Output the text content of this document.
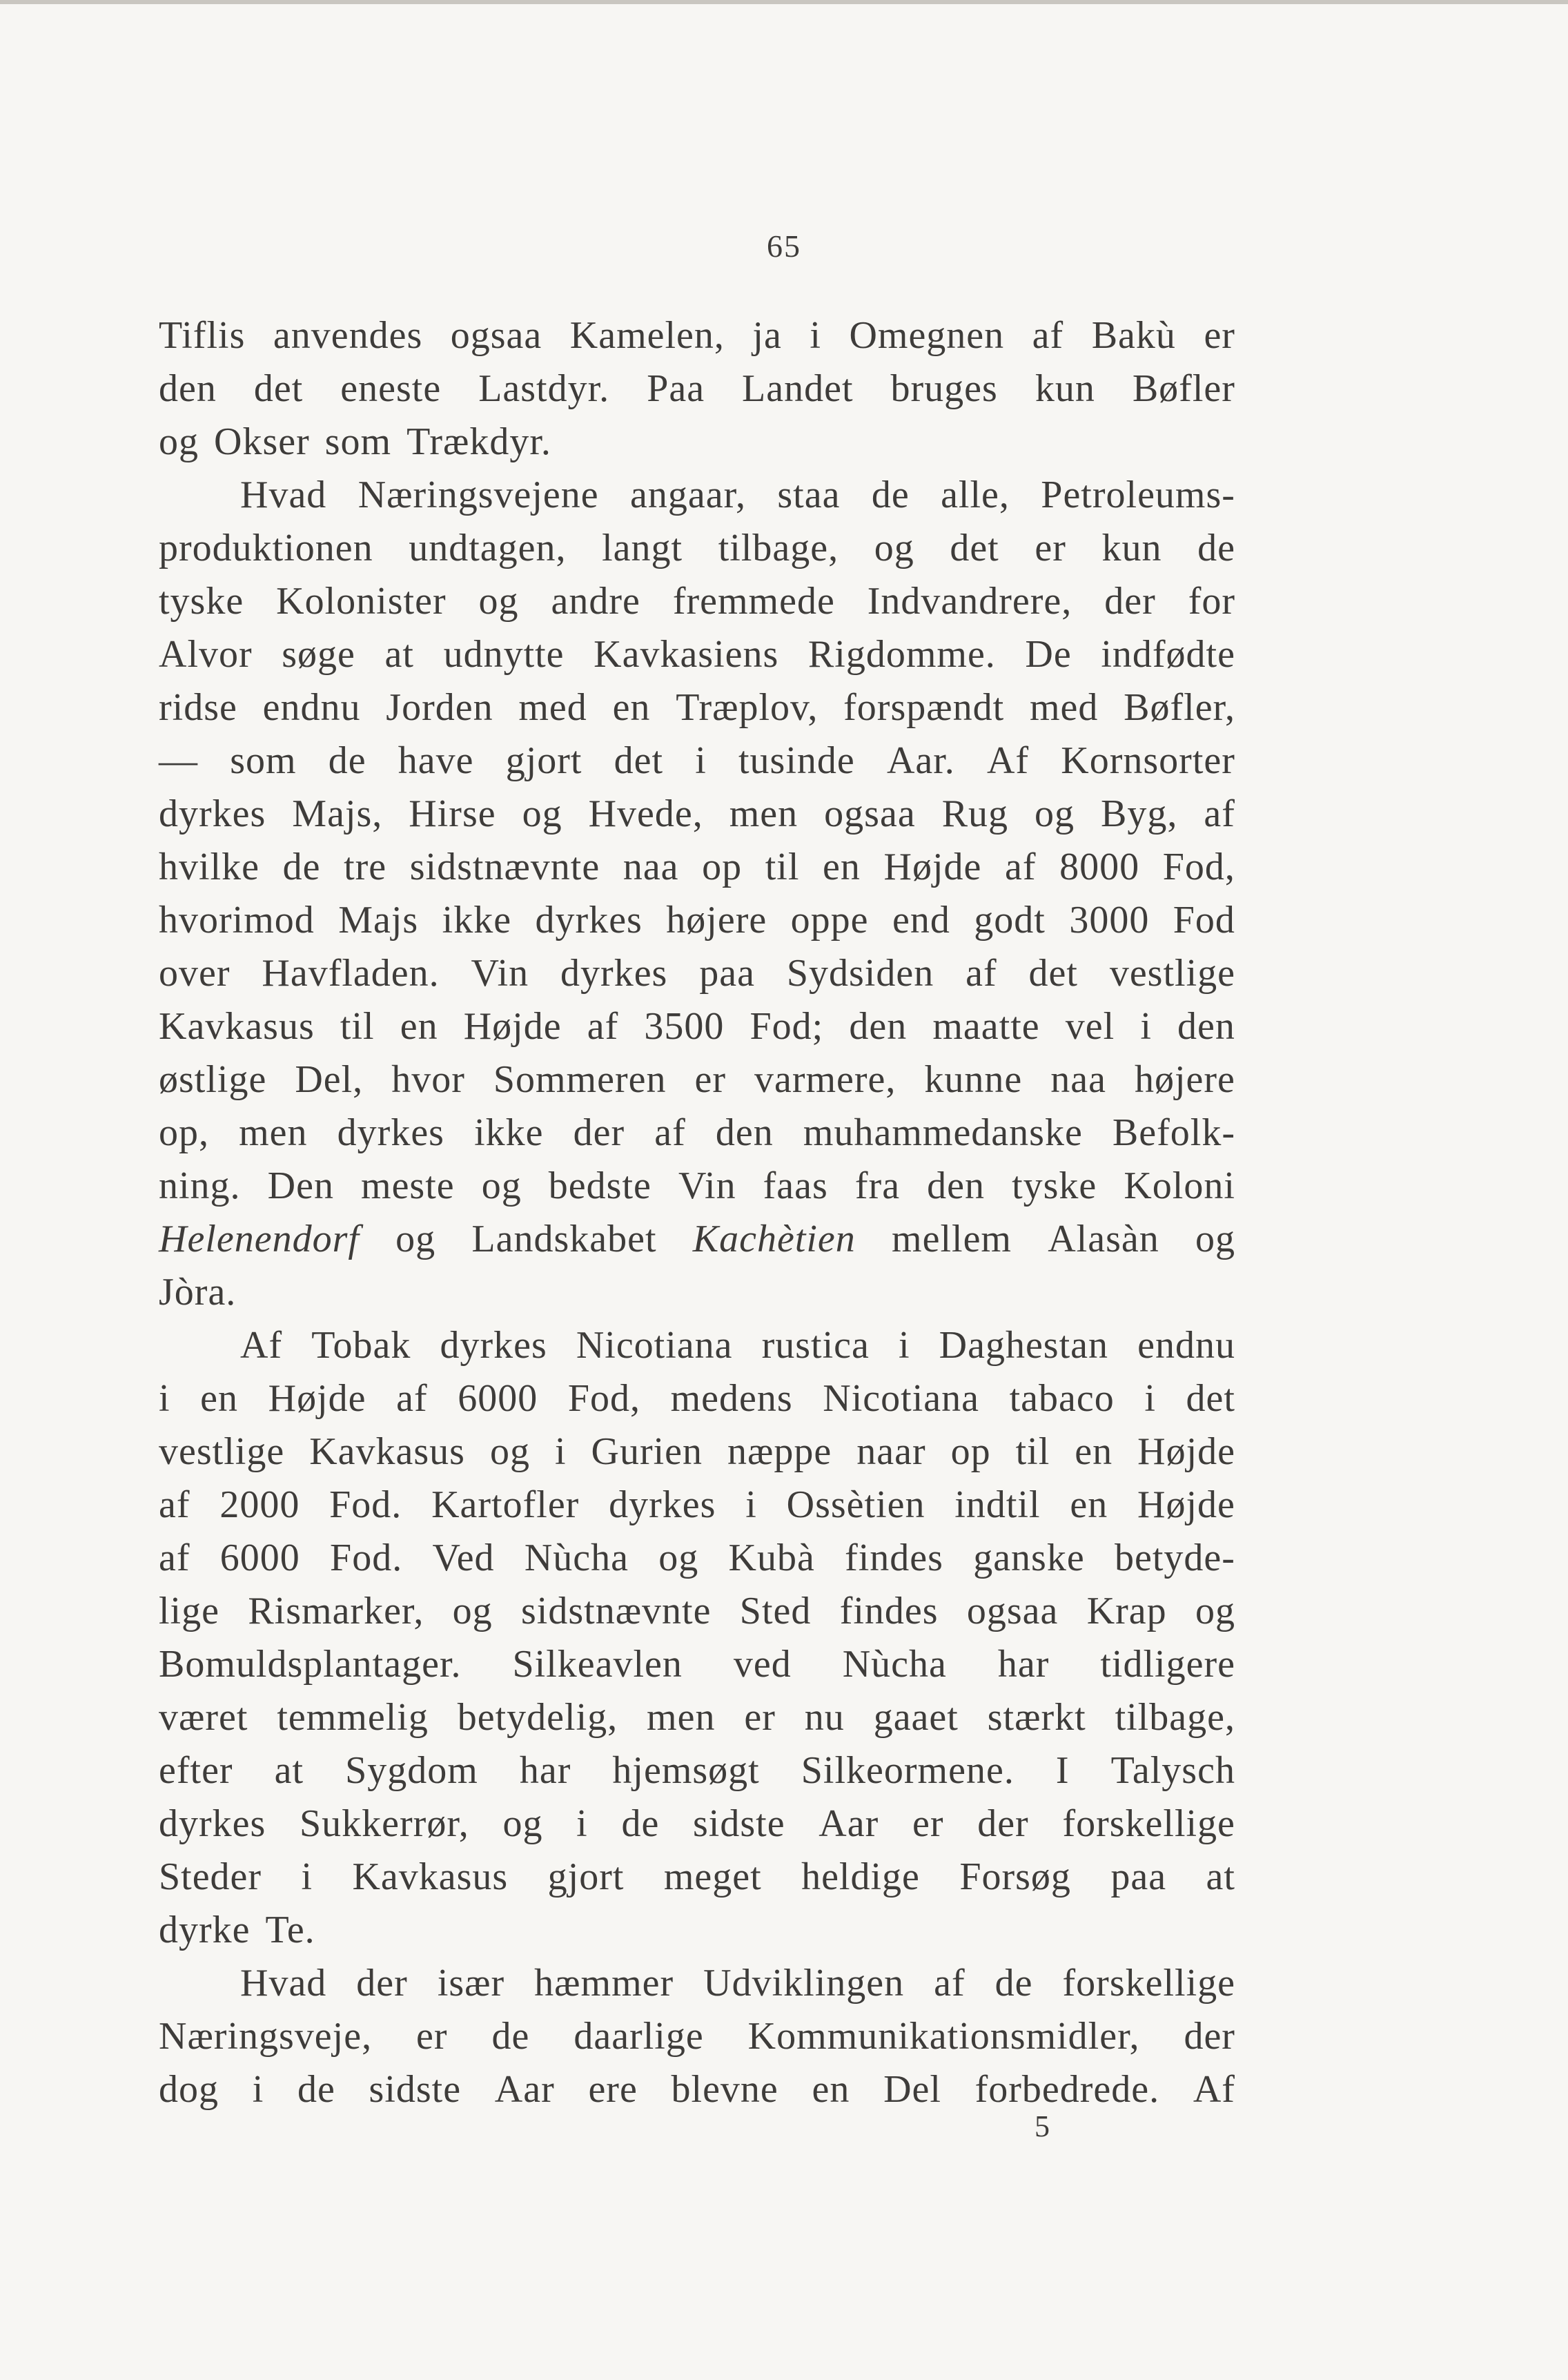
65
Tiflis anvendes ogsaa Kamelen, ja i Omegnen af Bakù er
den det eneste Lastdyr. Paa Landet bruges kun Bøfler
og Okser som Trækdyr.
Hvad Næringsvejene angaar, staa de alle, Petroleums-
produktionen undtagen, langt tilbage, og det er kun de
tyske Kolonister og andre fremmede Indvandrere, der for
Alvor søge at udnytte Kavkasiens Rigdomme. De indfødte
ridse endnu Jorden med en Træplov, forspændt med Bøfler,
— som de have gjort det i tusinde Aar. Af Kornsorter
dyrkes Majs, Hirse og Hvede, men ogsaa Rug og Byg, af
hvilke de tre sidstnævnte naa op til en Højde af 8000 Fod,
hvorimod Majs ikke dyrkes højere oppe end godt 3000 Fod
over Havfladen. Vin dyrkes paa Sydsiden af det vestlige
Kavkasus til en Højde af 3500 Fod; den maatte vel i den
østlige Del, hvor Sommeren er varmere, kunne naa højere
op, men dyrkes ikke der af den muhammedanske Befolk-
ning. Den meste og bedste Vin faas fra den tyske Koloni
Helenendorf og Landskabet Kachètien mellem Alasàn og
Jòra.
Af Tobak dyrkes Nicotiana rustica i Daghestan endnu
i en Højde af 6000 Fod, medens Nicotiana tabaco i det
vestlige Kavkasus og i Gurien næppe naar op til en Højde
af 2000 Fod. Kartofler dyrkes i Ossètien indtil en Højde
af 6000 Fod. Ved Nùcha og Kubà findes ganske betyde-
lige Rismarker, og sidstnævnte Sted findes ogsaa Krap og
Bomuldsplantager. Silkeavlen ved Nùcha har tidligere
været temmelig betydelig, men er nu gaaet stærkt tilbage,
efter at Sygdom har hjemsøgt Silkeormene. I Talysch
dyrkes Sukkerrør, og i de sidste Aar er der forskellige
Steder i Kavkasus gjort meget heldige Forsøg paa at
dyrke Te.
Hvad der især hæmmer Udviklingen af de forskellige
Næringsveje, er de daarlige Kommunikationsmidler, der
dog i de sidste Aar ere blevne en Del forbedrede. Af
5
